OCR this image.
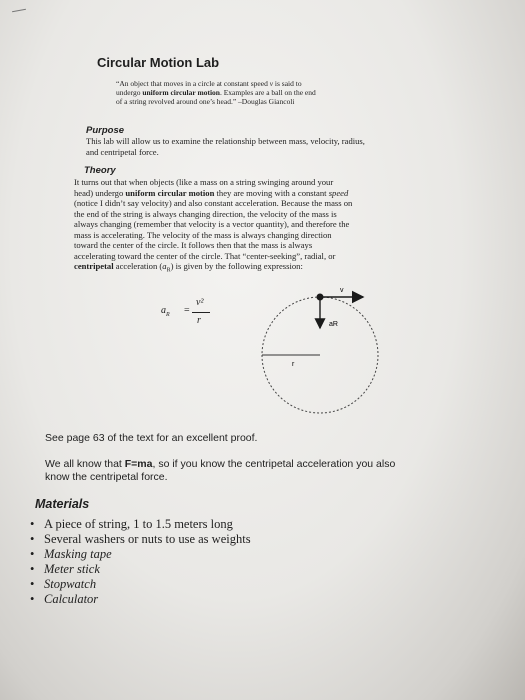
Circular Motion Lab
“An object that moves in a circle at constant speed v is said to
undergo uniform circular motion. Examples are a ball on the end
of a string revolved around one’s head.” –Douglas Giancoli
Purpose
This lab will allow us to examine the relationship between mass, velocity, radius,
and centripetal force.
Theory
It turns out that when objects (like a mass on a string swinging around your
head) undergo uniform circular motion they are moving with a constant speed
(notice I didn’t say velocity) and also constant acceleration. Because the mass on
the end of the string is always changing direction, the velocity of the mass is
always changing (remember that velocity is a vector quantity), and therefore the
mass is accelerating. The velocity of the mass is always changing direction
toward the center of the circle. It follows then that the mass is always
accelerating toward the center of the circle. That “center-seeking”, radial, or
centripetal acceleration $(a_R)$ is given by the following expression:
$a_R$ =
v²
r
v
aR
r
See page 63 of the text for an excellent proof.
We all know that F=ma, so if you know the centripetal acceleration you also
know the centripetal force.
Materials
• A piece of string, 1 to 1.5 meters long
• Several washers or nuts to use as weights
• Masking tape
• Meter stick
• Stopwatch
• Calculator
